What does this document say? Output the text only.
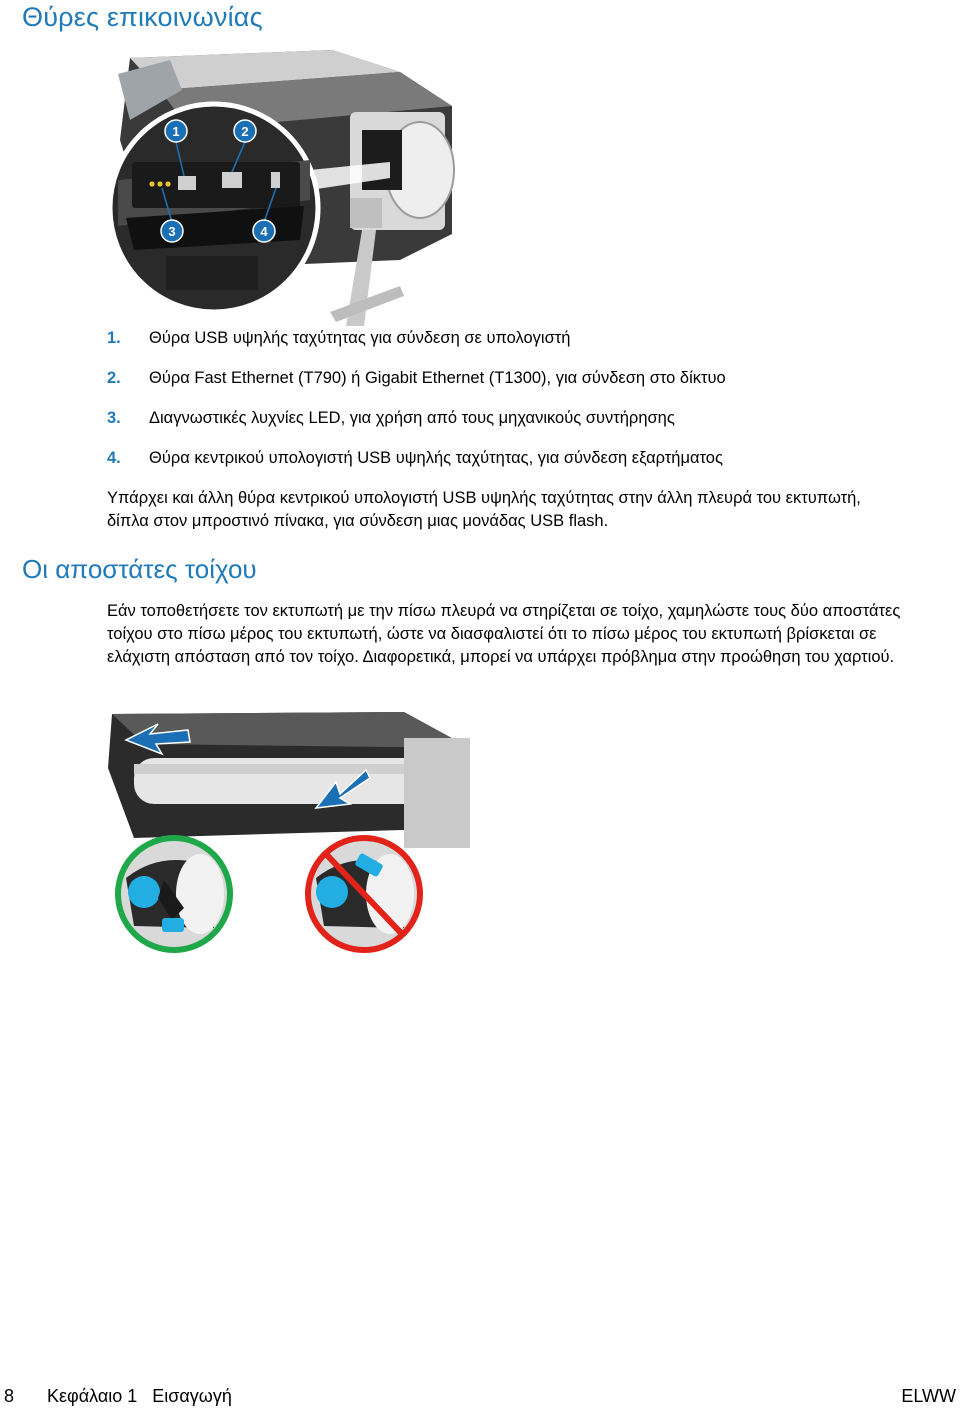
Θύρες επικοινωνίας
1	2
3	4
1. Θύρα USB υψηλής ταχύτητας για σύνδεση σε υπολογιστή
2. Θύρα Fast Ethernet (T790) ή Gigabit Ethernet (T1300), για σύνδεση στο δίκτυο
3. Διαγνωστικές λυχνίες LED, για χρήση από τους μηχανικούς συντήρησης
4. Θύρα κεντρικού υπολογιστή USB υψηλής ταχύτητας, για σύνδεση εξαρτήματος

Υπάρχει και άλλη θύρα κεντρικού υπολογιστή USB υψηλής ταχύτητας στην άλλη πλευρά του εκτυπωτή, δίπλα στον μπροστινό πίνακα, για σύνδεση μιας μονάδας USB flash.

Οι αποστάτες τοίχου

Εάν τοποθετήσετε τον εκτυπωτή με την πίσω πλευρά να στηρίζεται σε τοίχο, χαμηλώστε τους δύο αποστάτες τοίχου στο πίσω μέρος του εκτυπωτή, ώστε να διασφαλιστεί ότι το πίσω μέρος του εκτυπωτή βρίσκεται σε ελάχιστη απόσταση από τον τοίχο. Διαφορετικά, μπορεί να υπάρχει πρόβλημα στην προώθηση του χαρτιού.

8 Κεφάλαιο 1   Εισαγωγή	ELWW
